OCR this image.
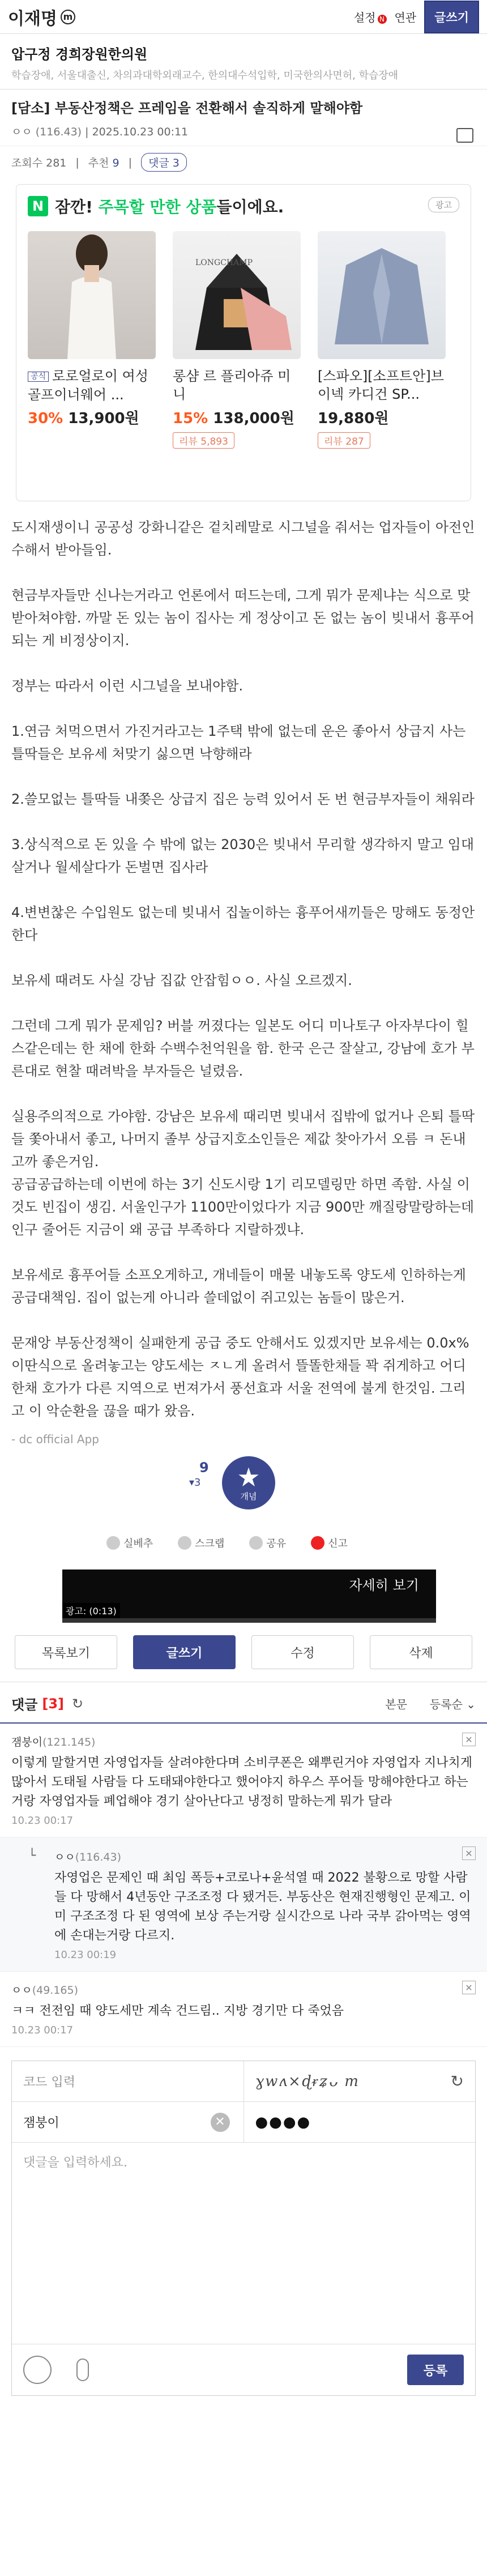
이재명 m	설정 N 연관	글쓰기
압구정 경희장원한의원
학습장애, 서울대출신, 차의과대학외래교수, 한의대수석입학, 미국한의사면허, 학습장애
[담소] 부동산정책은 프레임을 전환해서 솔직하게 말해야함
ㅇㅇ (116.43) | 2025.10.23 00:11
조회수 281 | 추천 9 |	댓글 3
N 잠깐! 주목할 만한 상품들이에요.	광고
공식 로로얼로이 여성 골프이너웨어 ...
30% 13,900원
LONGCHAMP
롱샴 르 플리아쥬 미니
15% 138,000원
리뷰 5,893
[스파오][소프트안]브이넥 카디건 SP...
19,880원
리뷰 287

도시재생이니 공공성 강화니같은 겉치레말로 시그널을 줘서는 업자들이 아전인수해서 받아들임.

현금부자들만 신나는거라고 언론에서 떠드는데, 그게 뭐가 문제냐는 식으로 맞받아쳐야함. 까말 돈 있는 놈이 집사는 게 정상이고 돈 없는 놈이 빚내서 흉푸어되는 게 비정상이지.

정부는 따라서 이런 시그널을 보내야함.

1.연금 처먹으면서 가진거라고는 1주택 밖에 없는데 운은 좋아서 상급지 사는 틀딱들은 보유세 처맞기 싫으면 낙향해라

2.쓸모없는 틀딱들 내쫒은 상급지 집은 능력 있어서 돈 번 현금부자들이 채워라

3.상식적으로 돈 있을 수 밖에 없는 2030은 빚내서 무리할 생각하지 말고 임대살거나 월세살다가 돈벌면 집사라

4.변변찮은 수입원도 없는데 빚내서 집놀이하는 흉푸어새끼들은 망해도 동정안한다

보유세 때려도 사실 강남 집값 안잡힘ㅇㅇ. 사실 오르겠지.

그런데 그게 뭐가 문제임? 버블 꺼졌다는 일본도 어디 미나토구 아자부다이 힐스같은데는 한 채에 한화 수백수천억원을 함. 한국 은근 잘살고, 강남에 호가 부른대로 현찰 때려박을 부자들은 널렸음.

실용주의적으로 가야함. 강남은 보유세 때리면 빚내서 집밖에 없거나 은퇴 틀딱들 쫓아내서 좋고, 나머지 졸부 상급지호소인들은 제값 찾아가서 오름 ㅋ 돈내고까 좋은거임.

공급공급하는데 이번에 하는 3기 신도시랑 1기 리모델링만 하면 족함. 사실 이것도 빈집이 생김. 서울인구가 1100만이었다가 지금 900만 깨질랑말랑하는데 인구 줄어든 지금이 왜 공급 부족하다 지랄하겠냐.

보유세로 흉푸어들 소프오게하고, 개네들이 매물 내놓도록 양도세 인하하는게 공급대책임. 집이 없는게 아니라 쓸데없이 쥐고있는 놈들이 많은거.

문재앙 부동산정책이 실패한게 공급 중도 안해서도 있겠지만 보유세는 0.0x% 이딴식으로 올려놓고는 양도세는 ㅈㄴ게 올려서 뜰똘한채들 꽉 쥐게하고 어디 한채 호가가 다른 지역으로 번져가서 풍선효과 서울 전역에 불게 한것임. 그리고 이 악순환을 끊을 때가 왔음.

- dc official App
9
▾3 ★
개념
실베추	스크랩	공유	신고
자세히 보기
광고: (0:13)
목록보기	글쓰기	수정	삭제
댓글 [3] ↻	본문 등록순 ⌄
잼붕이(121.145)
이렇게 말할거면 자영업자들 살려야한다며 소비쿠폰은 왜뿌린거야 자영업자 지나치게 많아서 도태될 사람들 다 도태돼야한다고 했어야지 하우스 푸어들 망해야한다고 하는거랑 자영업자들 폐업해야 경기 살아난다고 냉정히 말하는게 뭐가 달라
10.23 00:17
✕
└ ㅇㅇ(116.43)
자영업은 문제인 때 최임 폭등+코로나+윤석열 때 2022 불황으로 망할 사람들 다 망해서 4년동안 구조조정 다 됐거든. 부동산은 현재진행형인 문제고. 이미 구조조정 다 된 영역에 보상 주는거랑 실시간으로 나라 국부 갉아먹는 영역에 손대는거랑 다르지.
10.23 00:19
✕
ㅇㅇ(49.165)
ㅋㅋ 전전임 때 양도세만 계속 건드림.. 지방 경기만 다 죽었음
10.23 00:17
✕
코드 입력	ɣwʌ×ɖᵲʑᴗ m	↻
잼붕이	✕ ●●●●
댓글을 입력하세요.
등록
